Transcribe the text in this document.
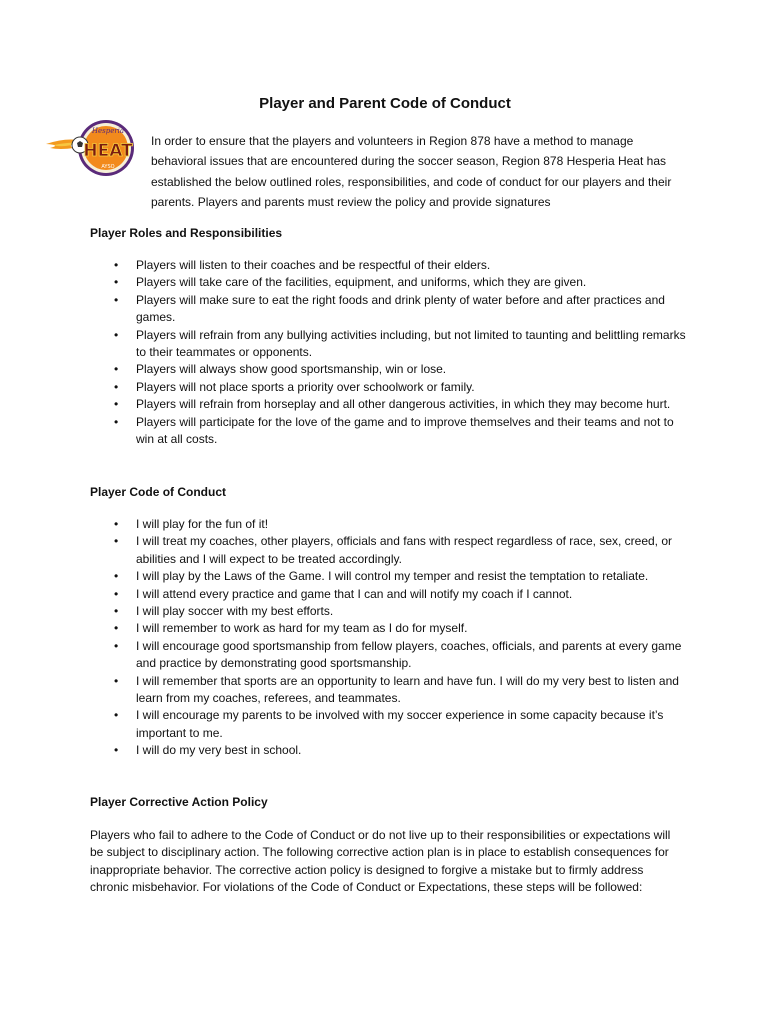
Player and Parent Code of Conduct
Hesperia
HEAT
AYSO
In order to ensure that the players and volunteers in Region 878 have a method to manage behavioral issues that are encountered during the soccer season, Region 878 Hesperia Heat has established the below outlined roles, responsibilities, and code of conduct for our players and their parents. Players and parents must review the policy and provide signatures
Player Roles and Responsibilities
• Players will listen to their coaches and be respectful of their elders.
• Players will take care of the facilities, equipment, and uniforms, which they are given.
• Players will make sure to eat the right foods and drink plenty of water before and after practices and games.
• Players will refrain from any bullying activities including, but not limited to taunting and belittling remarks to their teammates or opponents.
• Players will always show good sportsmanship, win or lose.
• Players will not place sports a priority over schoolwork or family.
• Players will refrain from horseplay and all other dangerous activities, in which they may become hurt.
• Players will participate for the love of the game and to improve themselves and their teams and not to win at all costs.
Player Code of Conduct
• I will play for the fun of it!
• I will treat my coaches, other players, officials and fans with respect regardless of race, sex, creed, or abilities and I will expect to be treated accordingly.
• I will play by the Laws of the Game. I will control my temper and resist the temptation to retaliate.
• I will attend every practice and game that I can and will notify my coach if I cannot.
• I will play soccer with my best efforts.
• I will remember to work as hard for my team as I do for myself.
• I will encourage good sportsmanship from fellow players, coaches, officials, and parents at every game and practice by demonstrating good sportsmanship.
• I will remember that sports are an opportunity to learn and have fun. I will do my very best to listen and learn from my coaches, referees, and teammates.
• I will encourage my parents to be involved with my soccer experience in some capacity because it’s important to me.
• I will do my very best in school.
Player Corrective Action Policy
Players who fail to adhere to the Code of Conduct or do not live up to their responsibilities or expectations will be subject to disciplinary action. The following corrective action plan is in place to establish consequences for inappropriate behavior. The corrective action policy is designed to forgive a mistake but to firmly address chronic misbehavior. For violations of the Code of Conduct or Expectations, these steps will be followed:
